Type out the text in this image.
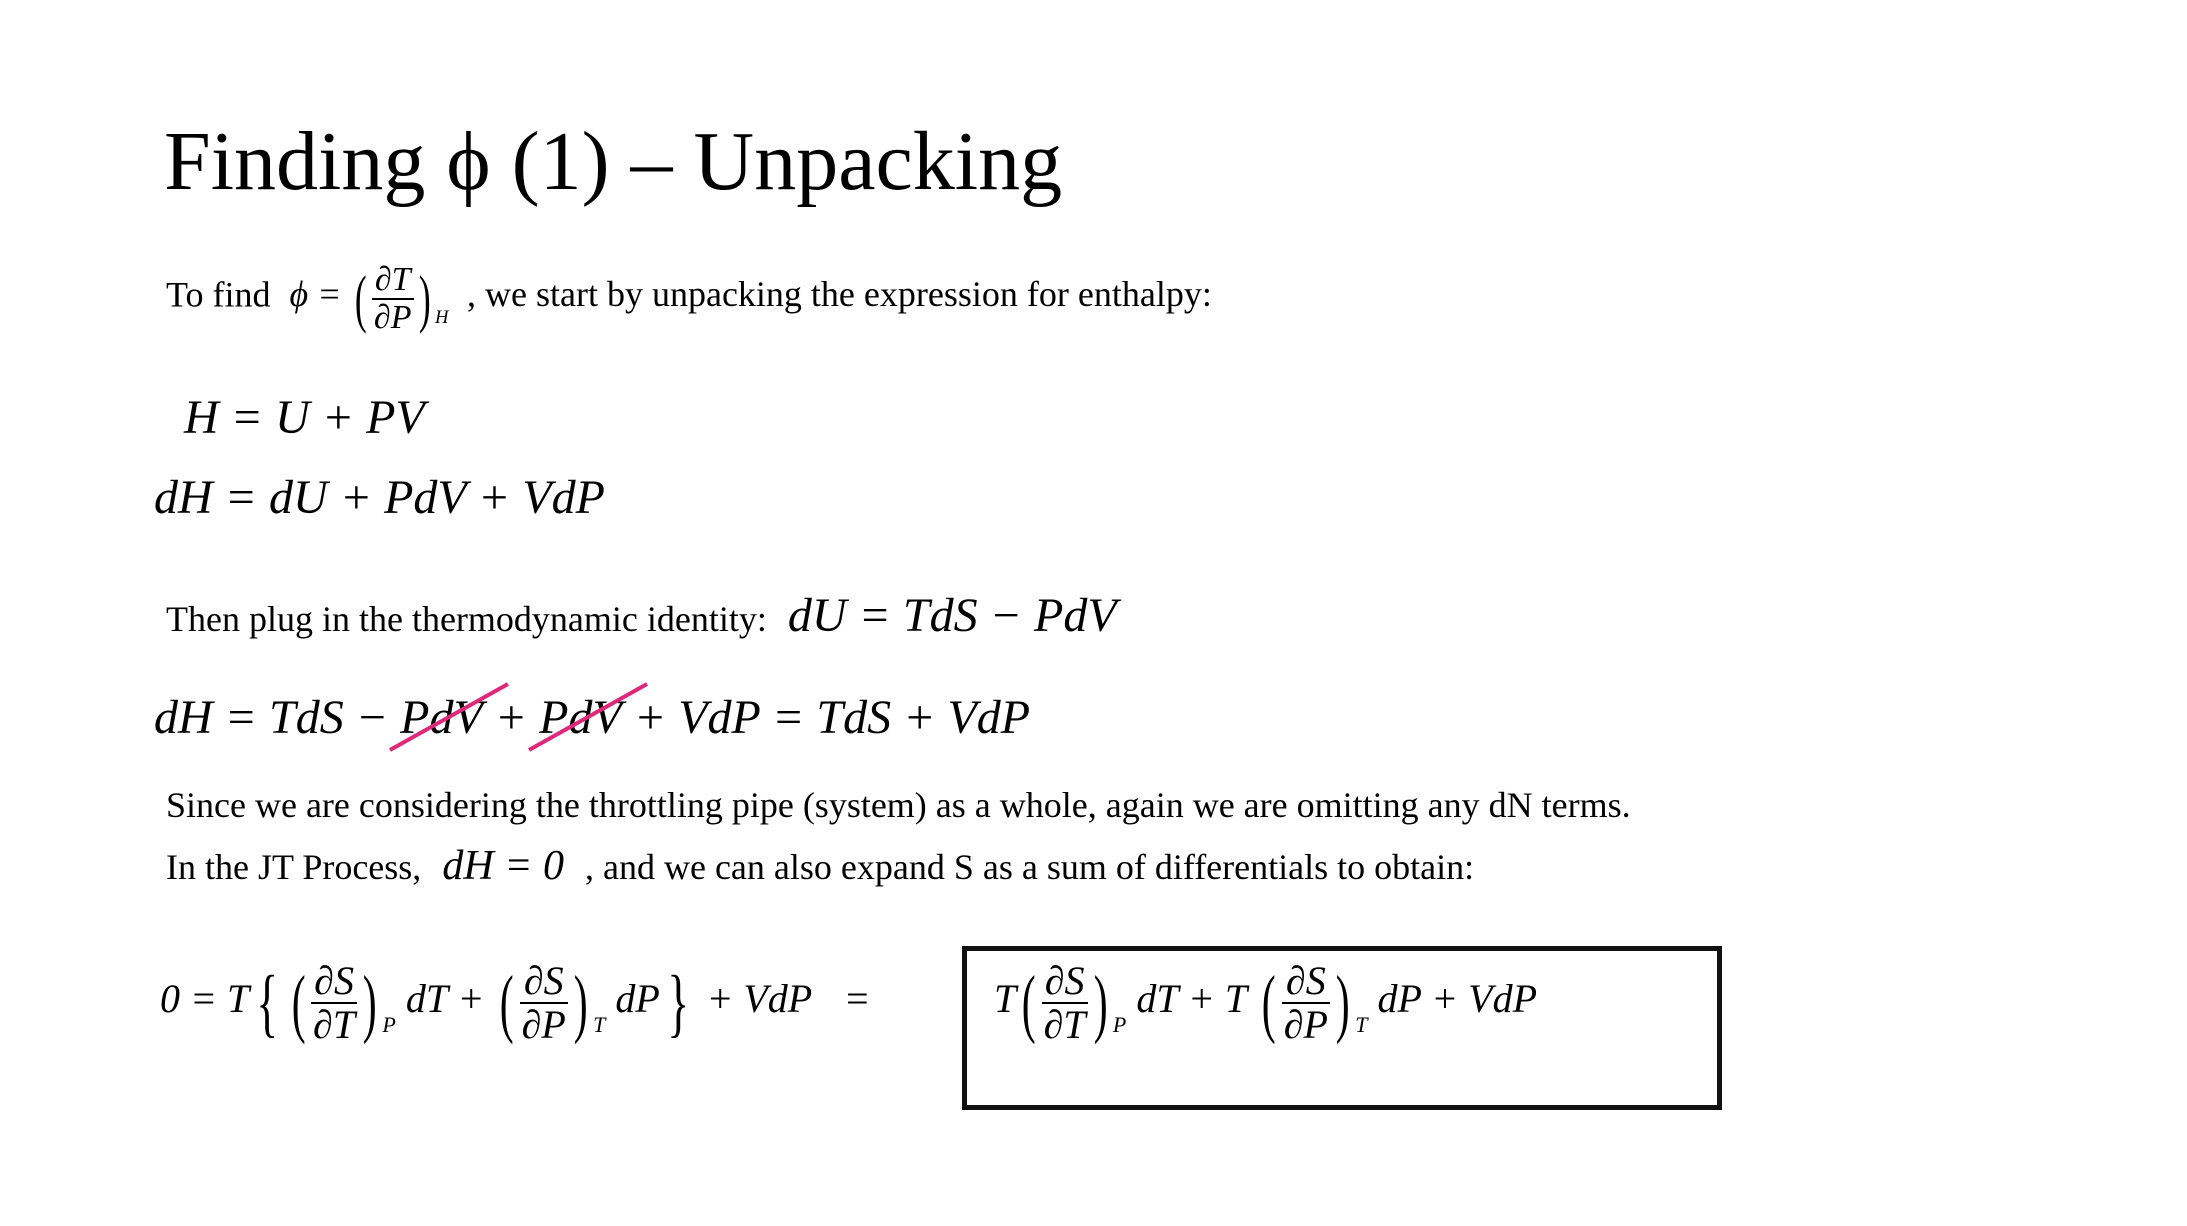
Finding ϕ (1) – Unpacking
To find ϕ = ( $\frac{\partial T}{\partial P}$ ) $_H$ , we start by unpacking the expression for enthalpy:
H = U + PV
dH = dU + PdV + VdP
Then plug in the thermodynamic identity: dU = TdS − PdV
dH = TdS − PdV + PdV + VdP = TdS + VdP
Since we are considering the throttling pipe (system) as a whole, again we are omitting any dN terms.
In the JT Process, dH = 0 , and we can also expand S as a sum of differentials to obtain:
0 = T{ ( $\frac{\partial S}{\partial T}$ ) $_P$ dT + ( $\frac{\partial S}{\partial P}$ ) $_T$ dP} + VdP =	$T( \frac{\partial S}{\partial T}$ ) $_P$ dT + T ( $\frac{\partial S}{\partial P}$ ) $_T$ dP + VdP
